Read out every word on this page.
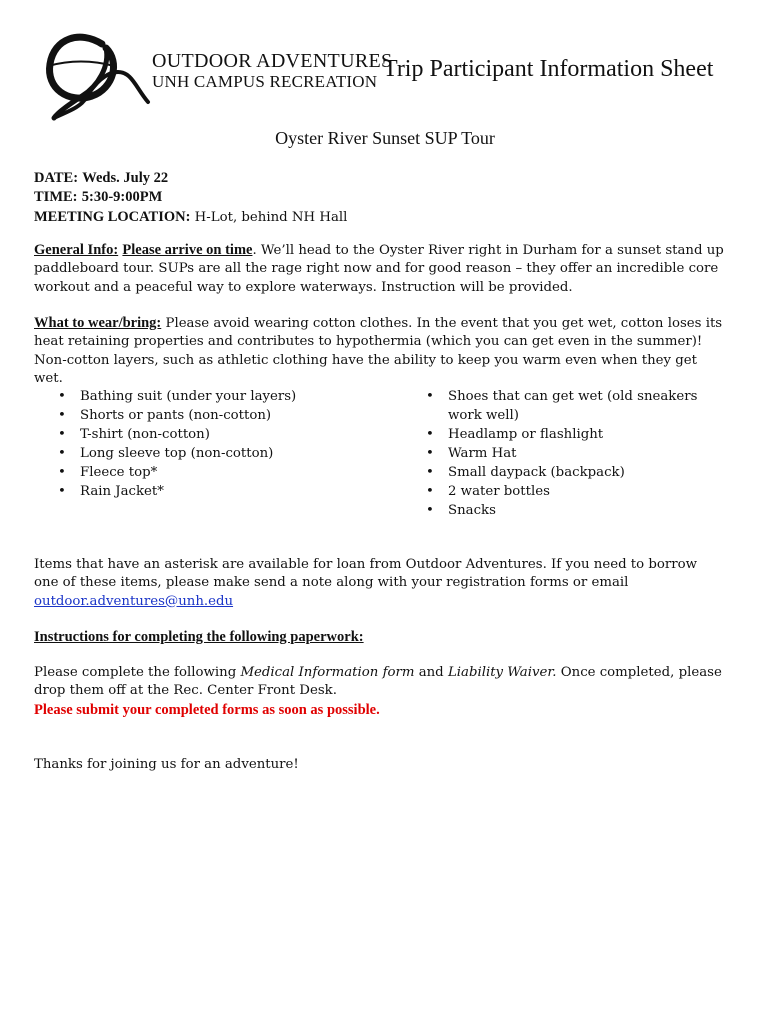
OUTDOOR ADVENTURES
UNH CAMPUS RECREATION Trip Participant Information Sheet
Oyster River Sunset SUP Tour
DATE: Weds. July 22
TIME: 5:30-9:00PM
MEETING LOCATION: H-Lot, behind NH Hall
General Info: Please arrive on time. We’ll head to the Oyster River right in Durham for a sunset stand up paddleboard tour. SUPs are all the rage right now and for good reason – they offer an incredible core workout and a peaceful way to explore waterways. Instruction will be provided.
What to wear/bring: Please avoid wearing cotton clothes. In the event that you get wet, cotton loses its heat retaining properties and contributes to hypothermia (which you can get even in the summer)! Non-cotton layers, such as athletic clothing have the ability to keep you warm even when they get wet.
• Bathing suit (under your layers)
• Shorts or pants (non-cotton)
• T-shirt (non-cotton)
• Long sleeve top (non-cotton)
• Fleece top*
• Rain Jacket*
• Shoes that can get wet (old sneakers work well)
• Headlamp or flashlight
• Warm Hat
• Small daypack (backpack)
• 2 water bottles
• Snacks
Items that have an asterisk are available for loan from Outdoor Adventures. If you need to borrow one of these items, please make send a note along with your registration forms or email outdoor.adventures@unh.edu
Instructions for completing the following paperwork:
Please complete the following Medical Information form and Liability Waiver. Once completed, please drop them off at the Rec. Center Front Desk.
Please submit your completed forms as soon as possible.
Thanks for joining us for an adventure!
